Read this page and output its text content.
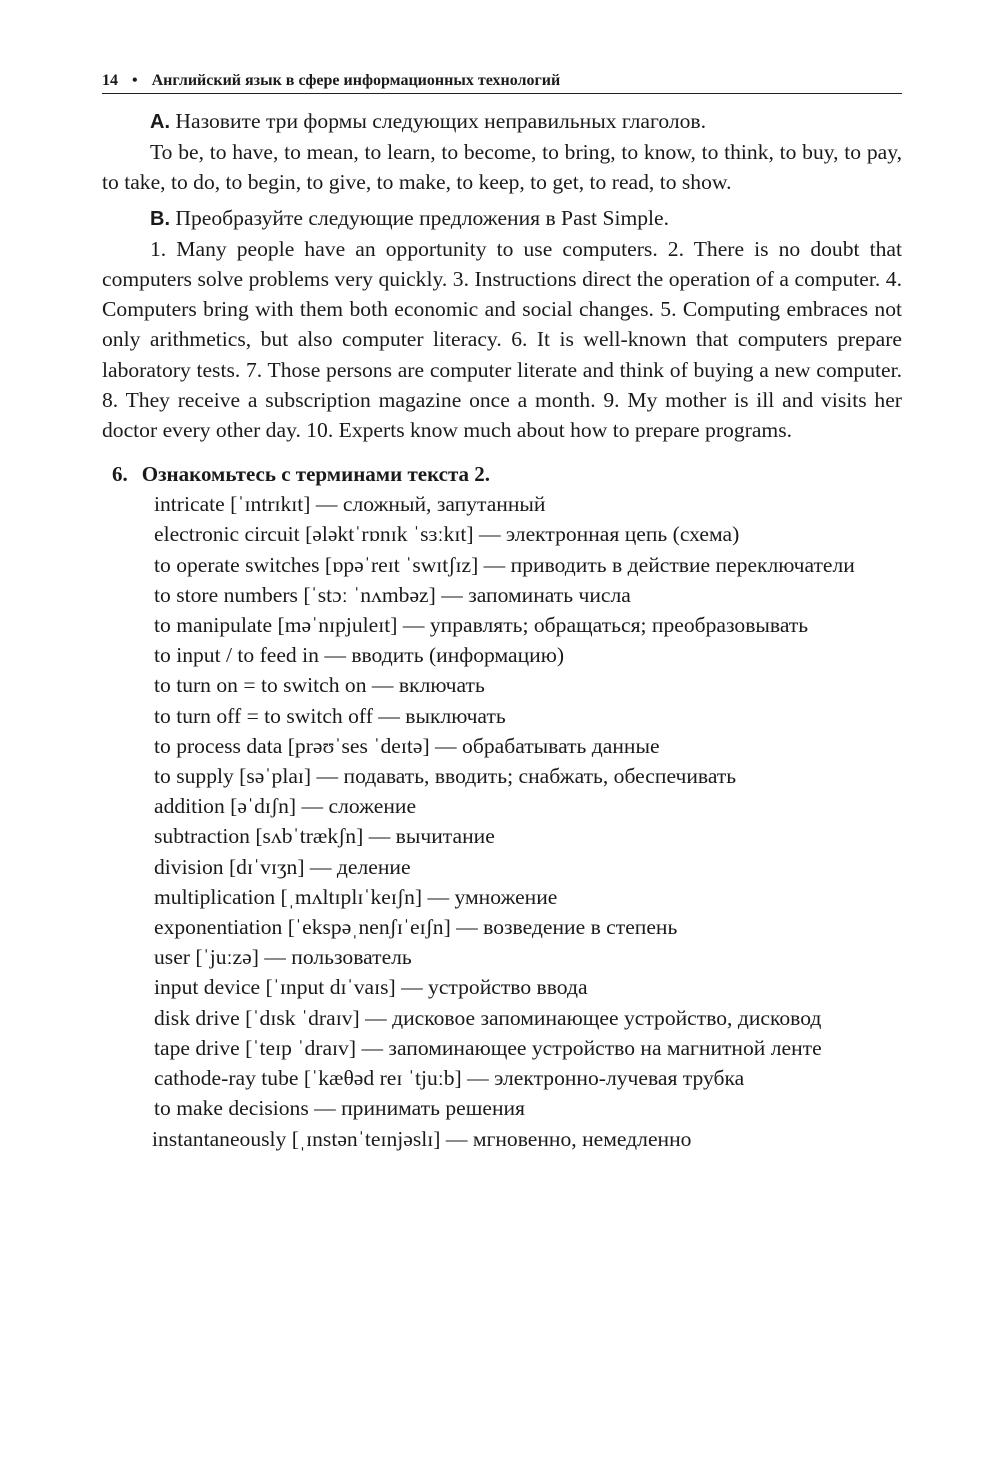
14 • Английский язык в сфере информационных технологий

A. Назовите три формы следующих неправильных глаголов.

To be, to have, to mean, to learn, to become, to bring, to know, to think, to buy, to pay, to take, to do, to begin, to give, to make, to keep, to get, to read, to show.

B. Преобразуйте следующие предложения в Past Simple.

1. Many people have an opportunity to use computers. 2. There is no doubt that computers solve problems very quickly. 3. Instructions direct the operation of a computer. 4. Computers bring with them both economic and social changes. 5. Computing embraces not only arithmetics, but also computer literacy. 6. It is well-known that computers prepare laboratory tests. 7. Those persons are computer literate and think of buying a new computer. 8. They receive a subscription magazine once a month. 9. My mother is ill and visits her doctor every other day. 10. Experts know much about how to prepare programs.

6. Ознакомьтесь с терминами текста 2.
intricate [ˈɪntrɪkɪt] — сложный, запутанный
electronic circuit [ələktˈrɒnɪk ˈsɜːkɪt] — электронная цепь (схема)
to operate switches [ɒpəˈreɪt ˈswɪtʃɪz] — приводить в действие переключатели
to store numbers [ˈstɔː ˈnʌmbəz] — запоминать числа
to manipulate [məˈnɪpjuleɪt] — управлять; обращаться; преобразовывать
to input / to feed in — вводить (информацию)
to turn on = to switch on — включать
to turn off = to switch off — выключать
to process data [prəʊˈses ˈdeɪtə] — обрабатывать данные
to supply [səˈplaɪ] — подавать, вводить; снабжать, обеспечивать
addition [əˈdɪʃn] — сложение
subtraction [sʌbˈtrækʃn] — вычитание
division [dɪˈvɪʒn] — деление
multiplication [ˌmʌltɪplɪˈkeɪʃn] — умножение
exponentiation [ˈekspəˌnenʃɪˈeɪʃn] — возведение в степень
user [ˈjuːzə] — пользователь
input device [ˈɪnput dɪˈvaɪs] — устройство ввода
disk drive [ˈdɪsk ˈdraɪv] — дисковое запоминающее устройство, дисковод
tape drive [ˈteɪp ˈdraɪv] — запоминающее устройство на магнитной ленте
cathode-ray tube [ˈkæθəd reɪ ˈtjuːb] — электронно-лучевая трубка
to make decisions — принимать решения
instantaneously [ˌɪnstənˈteɪnjəslɪ] — мгновенно, немедленно
